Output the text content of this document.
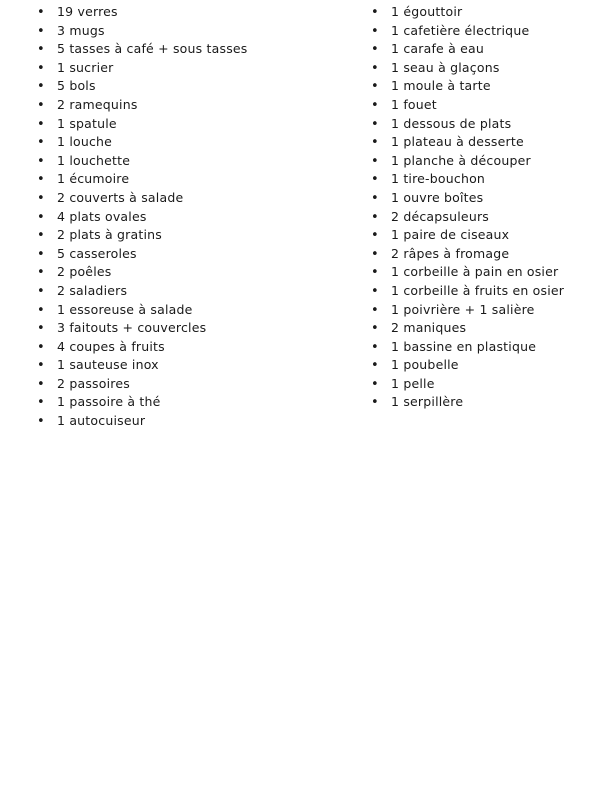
• 19 verres
• 3 mugs
• 5 tasses à café + sous tasses
• 1 sucrier
• 5 bols
• 2 ramequins
• 1 spatule
• 1 louche
• 1 louchette
• 1 écumoire
• 2 couverts à salade
• 4 plats ovales
• 2 plats à gratins
• 5 casseroles
• 2 poêles
• 2 saladiers
• 1 essoreuse à salade
• 3 faitouts + couvercles
• 4 coupes à fruits
• 1 sauteuse inox
• 2 passoires
• 1 passoire à thé
• 1 autocuiseur
• 1 égouttoir
• 1 cafetière électrique
• 1 carafe à eau
• 1 seau à glaçons
• 1 moule à tarte
• 1 fouet
• 1 dessous de plats
• 1 plateau à desserte
• 1 planche à découper
• 1 tire-bouchon
• 1 ouvre boîtes
• 2 décapsuleurs
• 1 paire de ciseaux
• 2 râpes à fromage
• 1 corbeille à pain en osier
• 1 corbeille à fruits en osier
• 1 poivrière + 1 salière
• 2 maniques
• 1 bassine en plastique
• 1 poubelle
• 1 pelle
• 1 serpillère
